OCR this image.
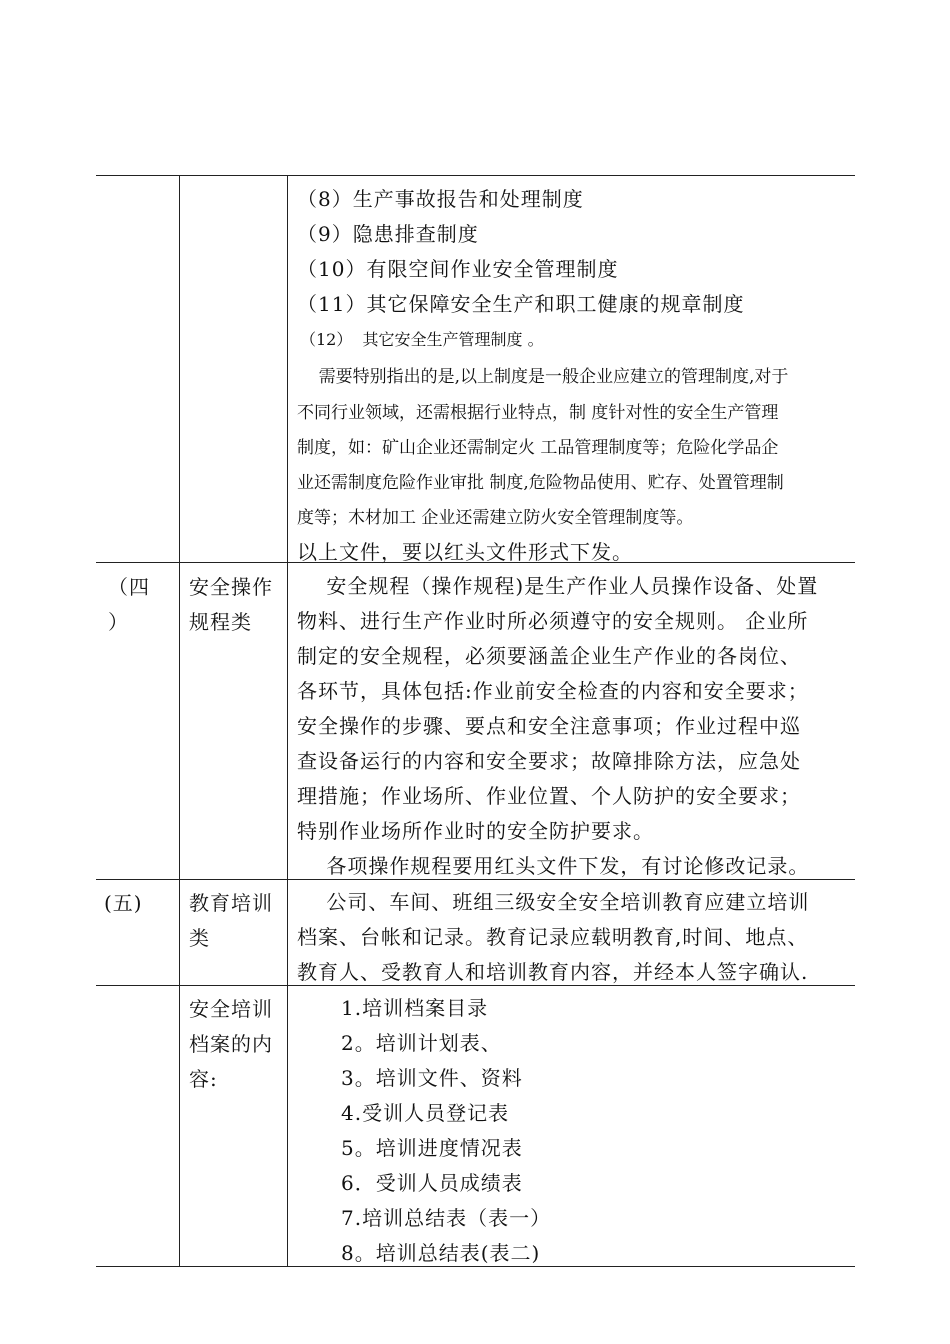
（8）生产事故报告和处理制度
（9）隐患排查制度
（10）有限空间作业安全管理制度
（11）其它保障安全生产和职工健康的规章制度
（12）  其它安全生产管理制度 。
需要特别指出的是,以上制度是一般企业应建立的管理制度,对于
不同行业领域，还需根据行业特点，制 度针对性的安全生产管理
制度，如：矿山企业还需制定火 工品管理制度等；危险化学品企
业还需制度危险作业审批 制度,危险物品使用、贮存、处置管理制
度等；木材加工 企业还需建立防火安全管理制度等。
以上文件，要以红头文件形式下发。
（四
）
安全操作
规程类
安全规程（操作规程)是生产作业人员操作设备、处置
物料、进行生产作业时所必须遵守的安全规则。 企业所
制定的安全规程，必须要涵盖企业生产作业的各岗位、
各环节，具体包括:作业前安全检查的内容和安全要求；
安全操作的步骤、要点和安全注意事项；作业过程中巡
查设备运行的内容和安全要求；故障排除方法，应急处
理措施；作业场所、作业位置、个人防护的安全要求；
特别作业场所作业时的安全防护要求。
各项操作规程要用红头文件下发，有讨论修改记录。
(五) 教育培训
类
公司、车间、班组三级安全安全培训教育应建立培训
档案、台帐和记录。教育记录应载明教育,时间、地点、
教育人、受教育人和培训教育内容，并经本人签字确认.
安全培训
档案的内
容:
1.培训档案目录
2。培训计划表、
3。培训文件、资料
4.受训人员登记表
5。培训进度情况表
6．受训人员成绩表
7.培训总结表（表一）
8。培训总结表(表二)
